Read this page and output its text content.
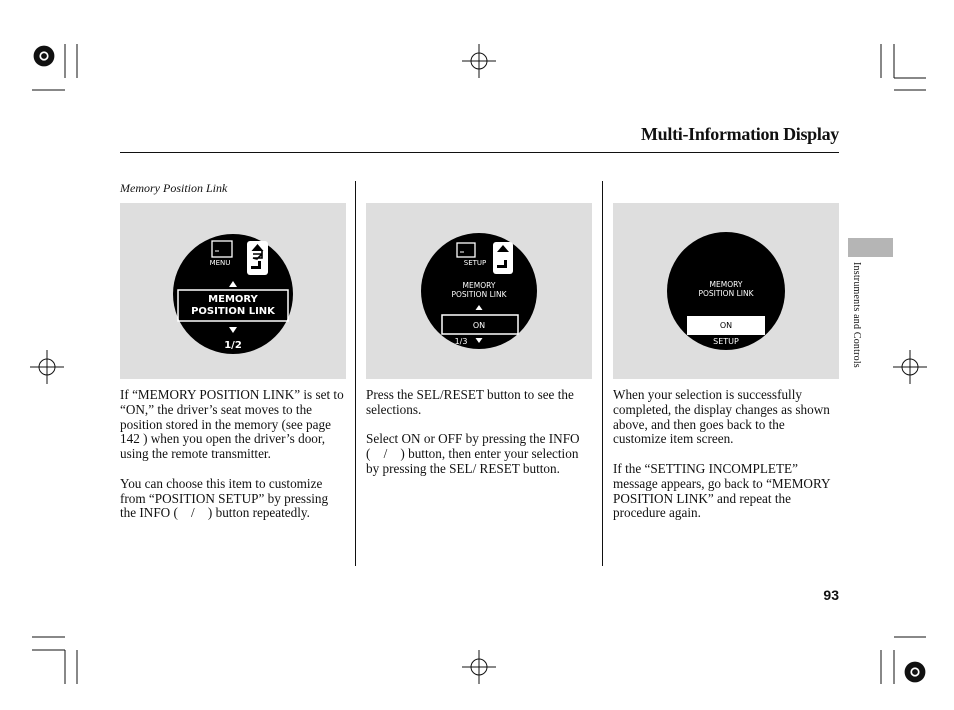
Multi-Information Display
Memory Position Link
MENU
MEMORY
POSITION LINK
1/2
SETUP
MEMORY
POSITION LINK
ON
1/3
MEMORY
POSITION LINK
ON
SETUP

If “MEMORY POSITION LINK” is set to “ON,” the driver’s seat moves to the position stored in the memory (see page 142 ) when you open the driver’s door, using the remote transmitter.

You can choose this item to customize from “POSITION SETUP” by pressing the INFO ( / ) button repeatedly.

Press the SEL/RESET button to see the selections.

Select ON or OFF by pressing the INFO ( / ) button, then enter your selection by pressing the SEL/ RESET button.

When your selection is successfully completed, the display changes as shown above, and then goes back to the customize item screen.

If the “SETTING INCOMPLETE” message appears, go back to “MEMORY POSITION LINK” and repeat the procedure again.

Instruments and Controls
93
